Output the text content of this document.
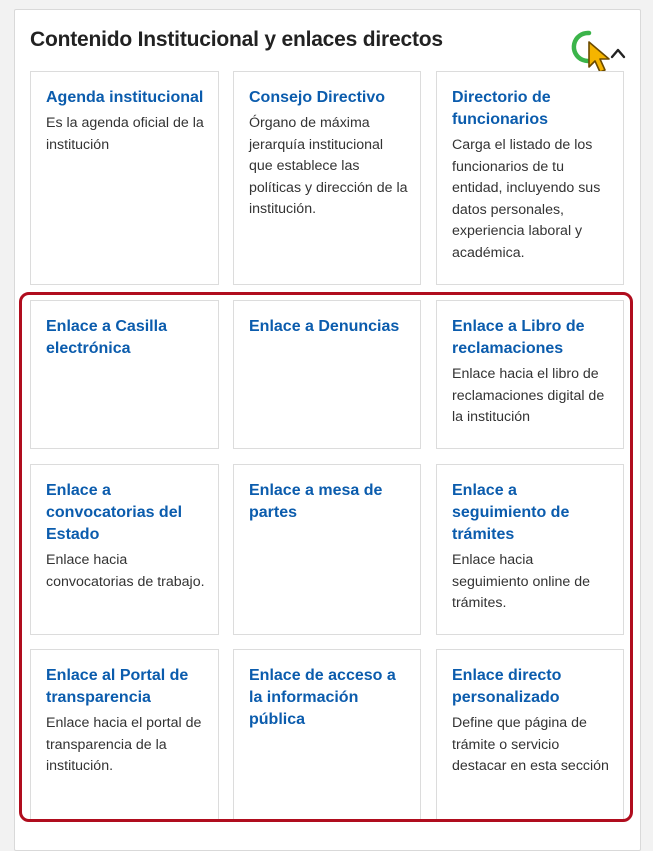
Contenido Institucional y enlaces directos
Agenda institucional
Es la agenda oficial de la institución
Consejo Directivo
Órgano de máxima jerarquía institucional que establece las políticas y dirección de la institución.
Directorio de funcionarios
Carga el listado de los funcionarios de tu entidad, incluyendo sus datos personales, experiencia laboral y académica.
Enlace a Casilla electrónica
Enlace a Denuncias	Enlace a Libro de reclamaciones
Enlace hacia el libro de reclamaciones digital de la institución
Enlace a convocatorias del Estado
Enlace hacia convocatorias de trabajo.
Enlace a mesa de partes
Enlace a seguimiento de trámites
Enlace hacia seguimiento online de trámites.
Enlace al Portal de transparencia
Enlace hacia el portal de transparencia de la institución.
Enlace de acceso a la información pública
Enlace directo personalizado
Define que página de trámite o servicio destacar en esta sección
